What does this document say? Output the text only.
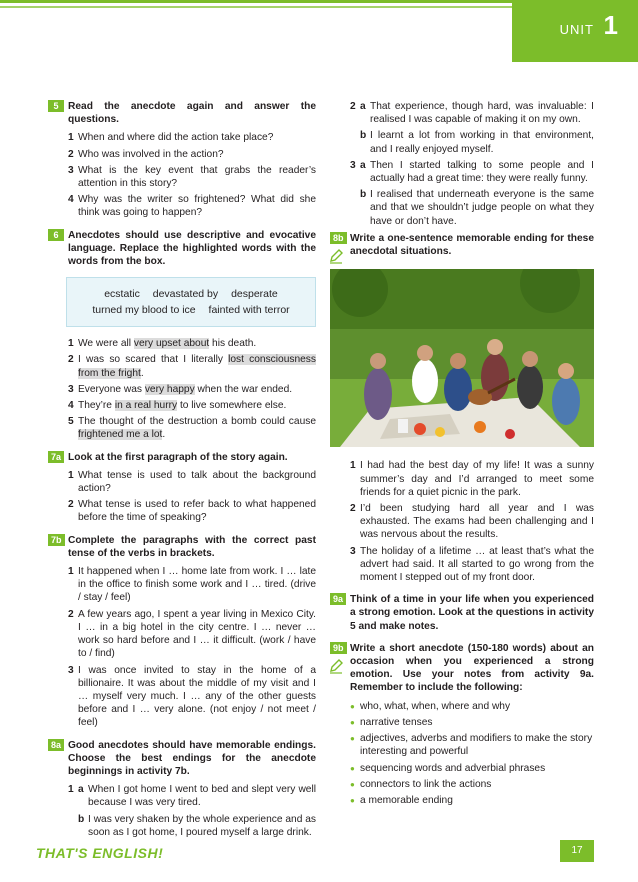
UNIT 1
5 Read the anecdote again and answer the questions.
1 When and where did the action take place?
2 Who was involved in the action?
3 What is the key event that grabs the reader’s attention in this story?
4 Why was the writer so frightened? What did she think was going to happen?
6 Anecdotes should use descriptive and evocative language. Replace the highlighted words with the words from the box.
ecstatic devastated by desperate
turned my blood to ice fainted with terror
1 We were all very upset about his death.
2 I was so scared that I literally lost consciousness from the fright.
3 Everyone was very happy when the war ended.
4 They’re in a real hurry to live somewhere else.
5 The thought of the destruction a bomb could cause frightened me a lot.
7a Look at the first paragraph of the story again.
1 What tense is used to talk about the background action?
2 What tense is used to refer back to what happened before the time of speaking?
7b Complete the paragraphs with the correct past tense of the verbs in brackets.
1 It happened when I … home late from work. I … late in the office to finish some work and I … tired. (drive / stay / feel)
2 A few years ago, I spent a year living in Mexico City. I … in a big hotel in the city centre. I … never … work so hard before and I … it difficult. (work / have to / find)
3 I was once invited to stay in the home of a billionaire. It was about the middle of my visit and I … myself very much. I … any of the other guests before and I … very alone. (not enjoy / not meet / feel)
8a Good anecdotes should have memorable endings. Choose the best endings for the anecdote beginnings in activity 7b.
1 a When I got home I went to bed and slept very well because I was very tired.
b I was very shaken by the whole experience and as soon as I got home, I poured myself a large drink.
2 a That experience, though hard, was invaluable: I realised I was capable of making it on my own.
b I learnt a lot from working in that environment, and I really enjoyed myself.
3 a Then I started talking to some people and I actually had a great time: they were really funny.
b I realised that underneath everyone is the same and that we shouldn’t judge people on what they have or don’t have.
8b Write a one-sentence memorable ending for these anecdotal situations.
1 I had had the best day of my life! It was a sunny summer’s day and I’d arranged to meet some friends for a quiet picnic in the park.
2 I’d been studying hard all year and I was exhausted. The exams had been challenging and I was nervous about the results.
3 The holiday of a lifetime … at least that’s what the advert had said. It all started to go wrong from the moment I stepped out of my front door.
9a Think of a time in your life when you experienced a strong emotion. Look at the questions in activity 5 and make notes.
9b Write a short anecdote (150-180 words) about an occasion when you experienced a strong emotion. Use your notes from activity 9a. Remember to include the following:
● who, what, when, where and why
● narrative tenses
● adjectives, adverbs and modifiers to make the story interesting and powerful
● sequencing words and adverbial phrases
● connectors to link the actions
● a memorable ending
THAT'S ENGLISH!	17
